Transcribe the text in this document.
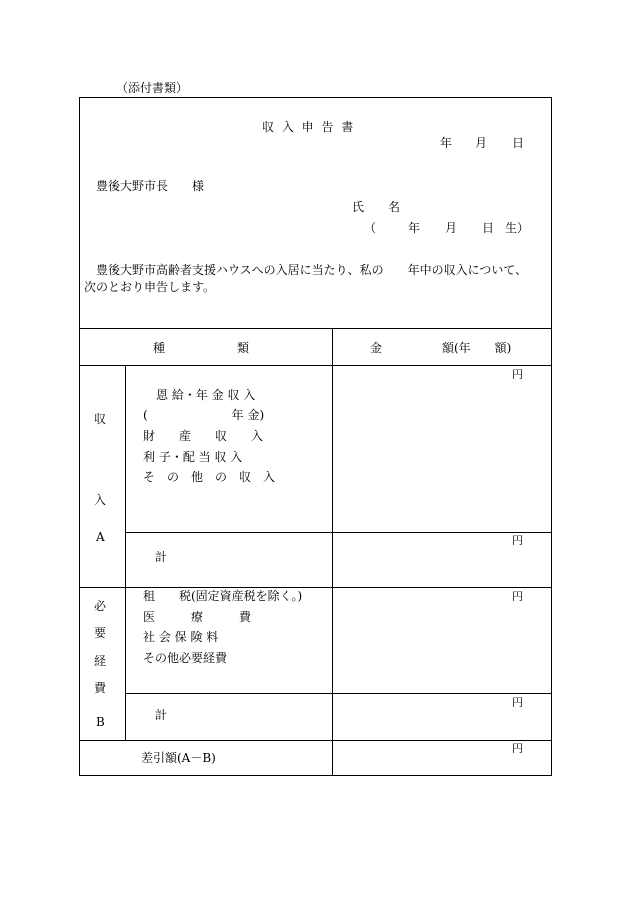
（添付書類）
収 入 申 告 書
年 月 日
豊後大野市長　　様
氏　　名
（	年 月 日 生）
豊後大野市高齢者支援ハウスへの入居に当たり、私の　　年中の収入について、
次のとおり申告します。
種　　　　　　類	金　　　　　額(年　　額)
収
入
A
恩 給・年 金 収 入
(　　　　　　　年 金)
財　　産　　収　　入
利 子・配 当 収 入
そ　の　他　の　収　入
計
円
円
必
要
経
費
B
租　　税(固定資産税を除く。)
医　　　療　　　費
社 会 保 険 料
その他必要経費
計
円
円
差引額(A－B)
円
